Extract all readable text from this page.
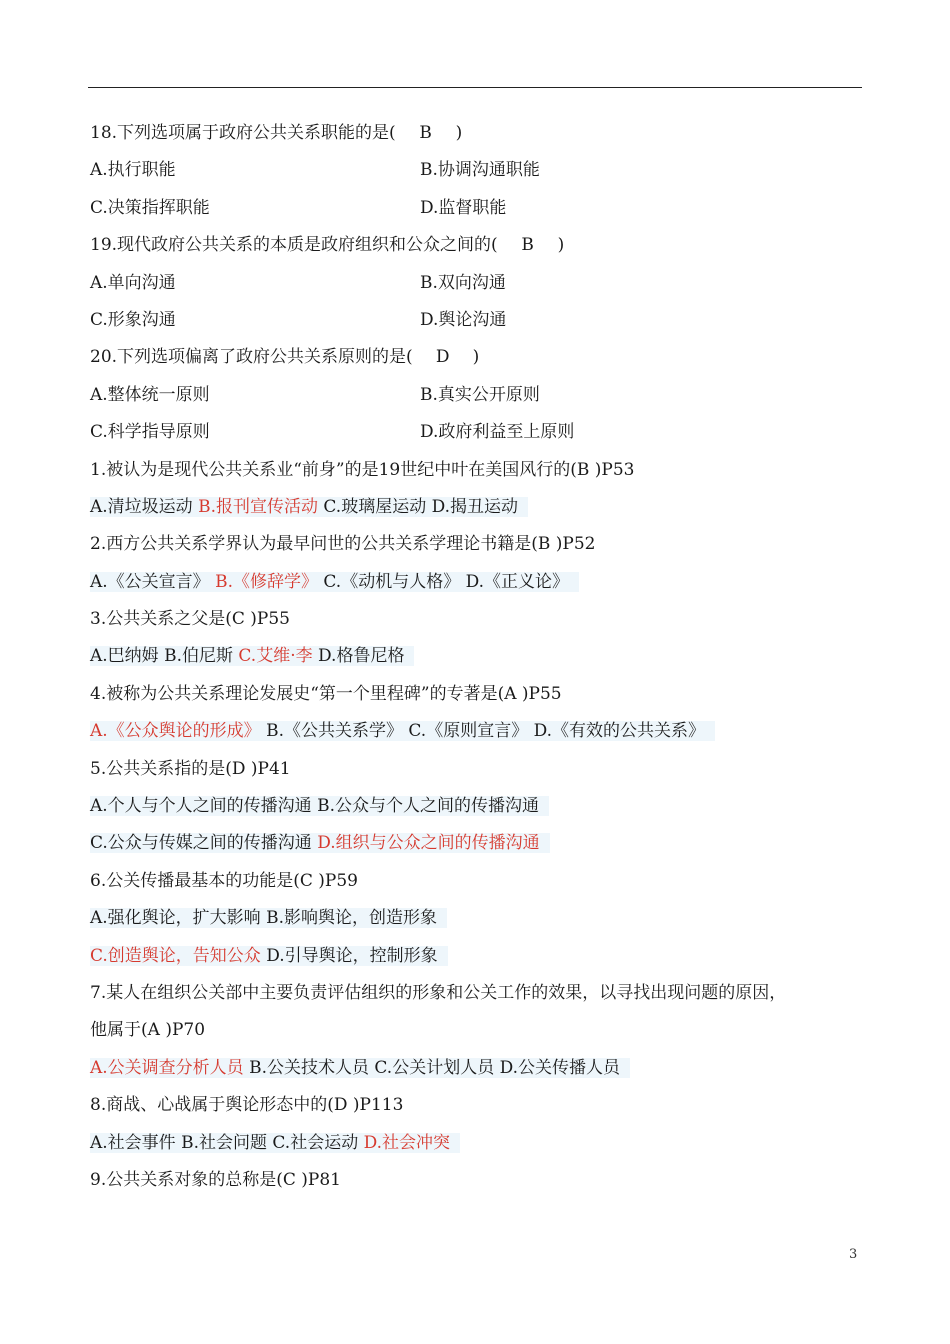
18.下列选项属于政府公共关系职能的是( B )
A.执行职能	B.协调沟通职能
C.决策指挥职能	D.监督职能
19.现代政府公共关系的本质是政府组织和公众之间的( B )
A.单向沟通	B.双向沟通
C.形象沟通	D.舆论沟通
20.下列选项偏离了政府公共关系原则的是( D )
A.整体统一原则	B.真实公开原则
C.科学指导原则	D.政府利益至上原则
1.被认为是现代公共关系业“前身”的是19世纪中叶在美国风行的(B )P53
A.清垃圾运动 B.报刊宣传活动 C.玻璃屋运动 D.揭丑运动
2.西方公共关系学界认为最早问世的公共关系学理论书籍是(B )P52
A.《公关宣言》 B.《修辞学》 C.《动机与人格》 D.《正义论》
3.公共关系之父是(C )P55
A.巴纳姆 B.伯尼斯 C.艾维·李 D.格鲁尼格
4.被称为公共关系理论发展史“第一个里程碑”的专著是(A )P55
A.《公众舆论的形成》 B.《公共关系学》 C.《原则宣言》 D.《有效的公共关系》
5.公共关系指的是(D )P41
A.个人与个人之间的传播沟通 B.公众与个人之间的传播沟通
C.公众与传媒之间的传播沟通 D.组织与公众之间的传播沟通
6.公关传播最基本的功能是(C )P59
A.强化舆论，扩大影响 B.影响舆论，创造形象
C.创造舆论，告知公众 D.引导舆论，控制形象
7.某人在组织公关部中主要负责评估组织的形象和公关工作的效果，以寻找出现问题的原因，
他属于(A )P70
A.公关调查分析人员 B.公关技术人员 C.公关计划人员 D.公关传播人员
8.商战、心战属于舆论形态中的(D )P113
A.社会事件 B.社会问题 C.社会运动 D.社会冲突
9.公共关系对象的总称是(C )P81
3
